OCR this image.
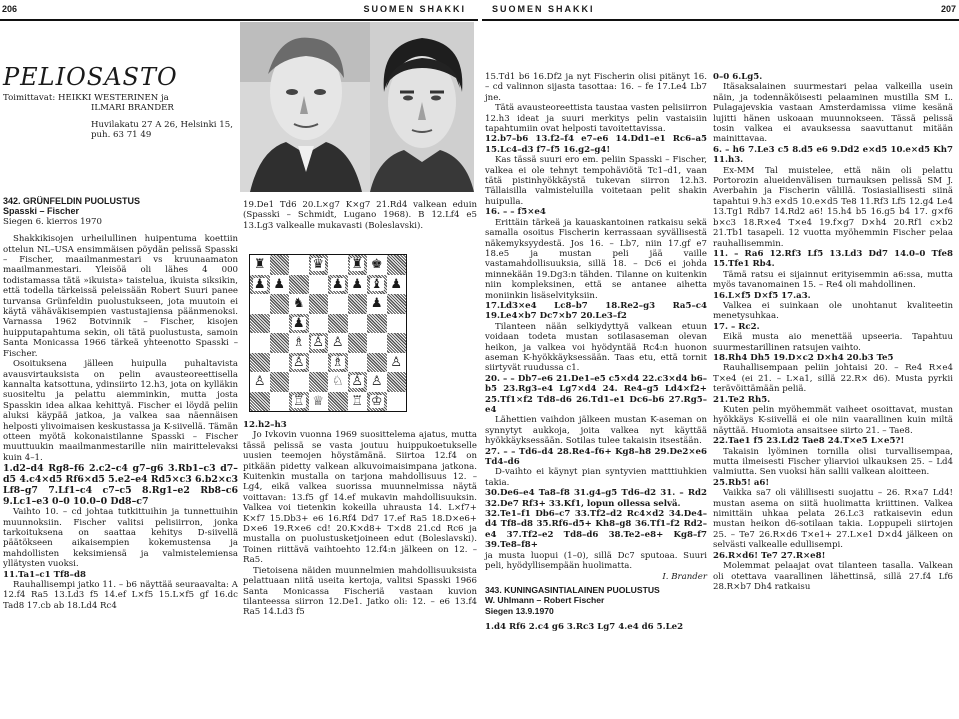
206	SUOMEN SHAKKI	SUOMEN SHAKKI	207
PELIOSASTO
Toimittavat: HEIKKI WESTERINEN ja
ILMARI BRANDER
Huvilakatu 27 A 26, Helsinki 15,
puh. 63 71 49
342. GRÜNFELDIN PUOLUSTUS
Spasski – Fischer
Siegen 6. kierros 1970

Shakkikisojen urheilullinen huipentuma koettiin ottelun NL–USA ensimmäisen pöydän pelissä Spasski – Fischer, maailmanmestari vs kruunaamaton maailmanmestari. Yleisöä oli lähes 4 000 todistamassa tätä »ikuista» taistelua, ikuista siksikin, että todella tärkeissä peleissään Robert Suuri panee turvansa Grünfeldin puolustukseen, jota muutoin ei käytä vähäväkisempien vastustajiensa päänmenoksi. Varnassa 1962 Botvinnik – Fischer, kisojen huipputapahtuma sekin, oli tätä puolustusta, samoin Santa Monicassa 1966 tärkeä yhteenotto Spasski – Fischer.

Osoituksena jälleen huipulla puhaltavista avausvirtauksista on pelin avausteoreettisella kannalta katsottuna, ydinsiirto 12.h3, jota on kylläkin suositeltu ja pelattu aiemminkin, mutta josta Spasskin idea alkaa kehittyä. Fischer ei löydä peliin aluksi käypää jatkoa, ja valkea saa näennäisen helposti ylivoimaisen keskustassa ja K-siivellä. Tämän otteen myötä kokonaistilanne Spasski – Fischer muuttuukin maailmanmestarille niin mairittelevaksi kuin 4–1.

1.d2–d4 Rg8–f6 2.c2–c4 g7–g6 3.Rb1–c3 d7–d5 4.c4×d5 Rf6×d5 5.e2–e4 Rd5×c3 6.b2×c3 Lf8–g7 7.Lf1–c4 c7–c5 8.Rg1–e2 Rb8–c6 9.Lc1–e3 0–0 10.0–0 Dd8–c7

Vaihto 10. – cd johtaa tutkittuihin ja tunnettuihin muunnoksiin. Fischer valitsi pelisiirron, jonka tarkoituksena on saattaa kehitys D-siivellä päätökseen aikaisempien kokemustensa ja mahdollisten keksimiensä ja valmistelemiensa yllätysten vuoksi.

11.Ta1–c1 Tf8–d8

Rauhallisempi jatko 11. – b6 näyttää seuraavalta: A 12.f4 Ra5 13.Ld3 f5 14.ef L×f5 15.L×f5 gf 16.dc Tad8 17.cb ab 18.Ld4 Rc4

19.De1 Td6 20.L×g7 K×g7 21.Rd4 valkean eduin (Spasski – Schmidt, Lugano 1968). B 12.Lf4 e5 13.Lg3 valkealle mukavasti (Boleslavski).

♜	♛ ♜ ♚
♟ ♟	♟ ♟ ♝ ♟
♞	♟
♟
♗ ♙ ♙
♙ ♗	♙
♙	♘ ♙ ♙
♖ ♕ ♖ ♔
12.h2–h3

Jo Ivkovin vuonna 1969 suosittelema ajatus, mutta tässä pelissä se vasta joutuu huippukoetukselle uusien teemojen höystämänä. Siirtoa 12.f4 on pitkään pidetty valkean alkuvoimaisimpana jatkona. Kuitenkin mustalla on tarjona mahdollisuus 12. – Lg4, eikä valkea suorissa muunnelmissa näytä voittavan: 13.f5 gf 14.ef mukavin mahdollisuuksin. Valkea voi tietenkin kokeilla uhrausta 14. L×f7+ K×f7 15.Db3+ e6 16.Rf4 Dd7 17.ef Ra5 18.D×e6+ D×e6 19.R×e6 cd! 20.K×d8+ T×d8 21.cd Rc6 ja mustalla on puolustusketjoineen edut (Boleslavski). Toinen riittävä vaihtoehto 12.f4:n jälkeen on 12. – Ra5.

Tietoisena näiden muunnelmien mahdollisuuksista pelattuaan niitä useita kertoja, valitsi Spasski 1966 Santa Monicassa Fischeriä vastaan kuvion tilanteessa siirron 12.De1. Jatko oli: 12. – e6 13.f4 Ra5 14.Ld3 f5

15.Td1 b6 16.Df2 ja nyt Fischerin olisi pitänyt 16. – cd valinnon sijasta tasottaa: 16. – fe 17.Le4 Lb7 jne.

Tätä avausteoreettista taustaa vasten pelisiirron 12.h3 ideat ja suuri merkitys pelin vastaisiin tapahtumiin ovat helposti tavoitettavissa.

12.b7–b6 13.f2–f4 e7–e6 14.Dd1–e1 Rc6–a5 15.Lc4–d3 f7–f5 16.g2–g4!

Kas tässä suuri ero em. peliin Spasski – Fischer, valkea ei ole tehnyt tempohäviötä Tc1–d1, vaan tätä pistinhyökkäystä tukevan siirron 12.h3. Tällaisilla valmisteluilla voitetaan pelit shakin huipulla.

16. – – f5×e4

Erittäin tärkeä ja kauaskantoinen ratkaisu sekä samalla osoitus Fischerin kerrassaan syvällisestä näkemyksyydestä. Jos 16. – Lb7, niin 17.gf e7 18.e5 ja mustan peli jää vaille vastamahdollisuuksia, sillä 18. – Dc6 ei johda minnekään 19.Dg3:n tähden. Tilanne on kuitenkin niin kompleksinen, että se antanee aihetta moniinkin lisäselvityksiin.

17.Ld3×e4 Lc8–b7 18.Re2–g3 Ra5–c4 19.Le4×b7 Dc7×b7 20.Le3–f2

Tilanteen nään selkiydyttyä valkean etuun voidaan todeta mustan sotilasaseman olevan heikon, ja valkea voi hyödyntää Rc4:n huonon aseman K-hyökkäyksessään. Taas etu, että tornit siirtyvät ruudussa c1.

20. – – Db7–e6 21.De1–e5 c5×d4 22.c3×d4 b6–b5 23.Rg3–e4 Lg7×d4 24. Re4–g5 Ld4×f2+ 25.Tf1×f2 Td8–d6 26.Td1–e1 Dc6–b6 27.Rg5–e4

Lähettien vaihdon jälkeen mustan K-aseman on synnytyt aukkoja, joita valkea nyt käyttää hyökkäyksessään. Sotilas tulee takaisin itsestään.

27. – – Td6–d4 28.Re4–f6+ Kg8–h8 29.De2×e6 Td4–d6

D-vaihto ei käynyt pian syntyvien matttiuhkien takia.

30.De6–e4 Ta8–f8 31.g4–g5 Td6–d2 31. – Rd2 32.De7 Rf3+ 33.Kf1, lopun ollessa selvä.

32.Te1–f1 Db6–c7 33.Tf2–d2 Rc4×d2 34.De4–d4 Tf8–d8 35.Rf6–d5+ Kh8–g8 36.Tf1–f2 Rd2–e4 37.Tf2–e2 Td8–d6 38.Te2–e8+ Kg8–f7 39.Te8–f8+

ja musta luopui (1–0), sillä Dc7 sputoaa. Suuri peli, hyödyllisempään huolimatta.

I. Brander
343. KUNINGASINTIALAINEN PUOLUSTUS
W. Uhlmann – Robert Fischer
Siegen 13.9.1970

1.d4 Rf6 2.c4 g6 3.Rc3 Lg7 4.e4 d6 5.Le2

0–0 6.Lg5.

Itäsaksalainen suurmestari pelaa valkeilla usein näin, ja todennäköisesti pelaaminen mustilla SM L. Pulagajevskia vastaan Amsterdamissa viime kesänä lujitti hänen uskoaan muunnokseen. Tässä pelissä tosin valkea ei avauksessa saavuttanut mitään mainittavaa.

6. – h6 7.Le3 c5 8.d5 e6 9.Dd2 e×d5 10.e×d5 Kh7 11.h3.

Ex-MM Tal muistelee, että näin oli pelattu Portorozin alueidenvälisen turnauksen pelissä SM J. Averbahin ja Fischerin välillä. Tosiasiallisesti siinä tapahtui 9.h3 e×d5 10.e×d5 Te8 11.Rf3 Lf5 12.g4 Le4 13.Tg1 Rdb7 14.Rd2 a6! 15.h4 b5 16.g5 b4 17. g×f6 b×c3 18.R×e4 T×e4 19.f×g7 D×h4 20.Rf1 c×b2 21.Tb1 tasapeli. 12 vuotta myöhemmin Fischer pelaa rauhallisemmin.

11. – Ra6 12.Rf3 Lf5 13.Ld3 Dd7 14.0–0 Tfe8 15.Tfe1 Rb4.

Tämä ratsu ei sijainnut erityisemmin a6:ssa, mutta myös tavanomainen 15. – Re4 oli mahdollinen.

16.L×f5 D×f5 17.a3.

Valkea ei suinkaan ole unohtanut kvaliteetin menetysuhkaa.

17. – Rc2.

Eikä musta aio menettää upseeria. Tapahtuu suurmestarillinen ratsujen vaihto.

18.Rh4 Dh5 19.D×c2 D×h4 20.b3 Te5

Rauhallisempaan peliin johtaisi 20. – Re4 R×e4 T×e4 (ei 21. – L×a1, sillä 22.R× d6). Musta pyrkii terävöittämään peliä.

21.Te2 Rh5.

Kuten pelin myöhemmät vaiheet osoittavat, mustan hyökkäys K-siivellä ei ole niin vaarallinen kuin miltä näyttää. Huomiota ansaitsee siirto 21. – Tae8.

22.Tae1 f5 23.Ld2 Tae8 24.T×e5 L×e5?!

Takaisin lyöminen tornilla olisi turvallisempaa, mutta ilmeisesti Fischer yliarvioi ulkauksen 25. – Ld4 valmiutta. Sen vuoksi hän sallii valkean aloitteen.

25.Rb5! a6!

Vaikka sa7 oli välillisesti suojattu – 26. R×a7 Ld4! mustan asema on siitä huolimatta kriittinen. Valkea nimittäin uhkaa pelata 26.Lc3 ratkaisevin edun mustan heikon d6-sotilaan takia. Loppupeli siirtojen 25. – Te7 26.R×d6 T×e1+ 27.L×e1 D×d4 jälkeen on selvästi valkealle edullisempi.

26.R×d6! Te7 27.R×e8!

Molemmat pelaajat ovat tilanteen tasalla. Valkean oli otettava vaarallinen lähettinsä, sillä 27.f4 Lf6 28.R×b7 Dh4 ratkaisu
